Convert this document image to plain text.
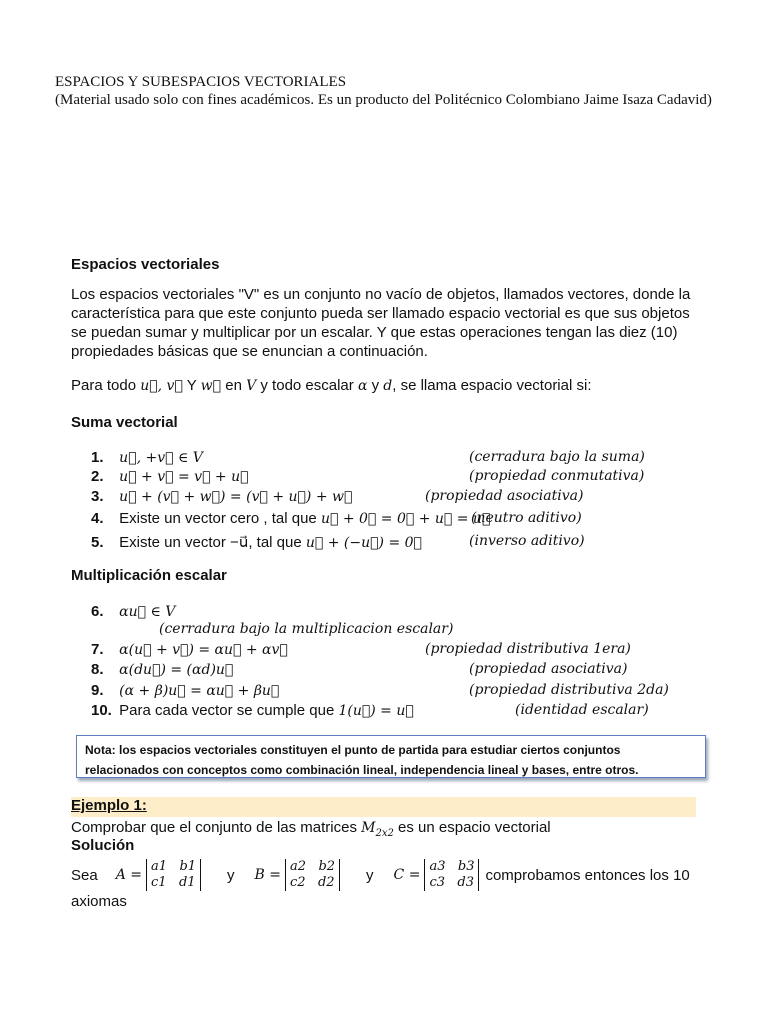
ESPACIOS Y SUBESPACIOS VECTORIALES
(Material usado solo con fines académicos. Es un producto del Politécnico Colombiano Jaime Isaza Cadavid)
Espacios vectoriales
Los espacios vectoriales "V" es un conjunto no vacío de objetos, llamados vectores, donde la característica para que este conjunto pueda ser llamado espacio vectorial es que sus objetos se puedan sumar y multiplicar por un escalar. Y que estas operaciones tengan las diez (10) propiedades básicas que se enuncian a continuación.
Para todo u⃗, v⃗ Y w⃗ en V y todo escalar α y d, se llama espacio vectorial si:
Suma vectorial
1. u⃗, +v⃗ ∈ V	(cerradura bajo la suma)
2. u⃗ + v⃗ = v⃗ + u⃗	(propiedad conmutativa)
3. u⃗ + (v⃗ + w⃗) = (v⃗ + u⃗) + w⃗	(propiedad asociativa)
4. Existe un vector cero , tal que u⃗ + 0⃗ = 0⃗ + u⃗ = u⃗
(neutro aditivo)
5. Existe un vector −u⃗, tal que u⃗ + (−u⃗) = 0⃗	(inverso aditivo)
Multiplicación escalar
6. αu⃗ ∈ V
(cerradura bajo la multiplicacion escalar)
7. α(u⃗ + v⃗) = αu⃗ + αv⃗	(propiedad distributiva 1era)
8. α(du⃗) = (αd)u⃗	(propiedad asociativa)
9. (α + β)u⃗ = αu⃗ + βu⃗	(propiedad distributiva 2da)
10. Para cada vector se cumple que 1(u⃗) = u⃗	(identidad escalar)
Nota: los espacios vectoriales constituyen el punto de partida para estudiar ciertos conjuntos relacionados con conceptos como combinación lineal, independencia lineal y bases, entre otros.
Ejemplo 1:
Comprobar que el conjunto de las matrices $M_{2x2}$ es un espacio vectorial
Solución
Sea A =
a1 b1
c1 d1	y B =
a2 b2
c2 d2	y C =
a3 b3
c3 d3 comprobamos entonces los 10
axiomas
